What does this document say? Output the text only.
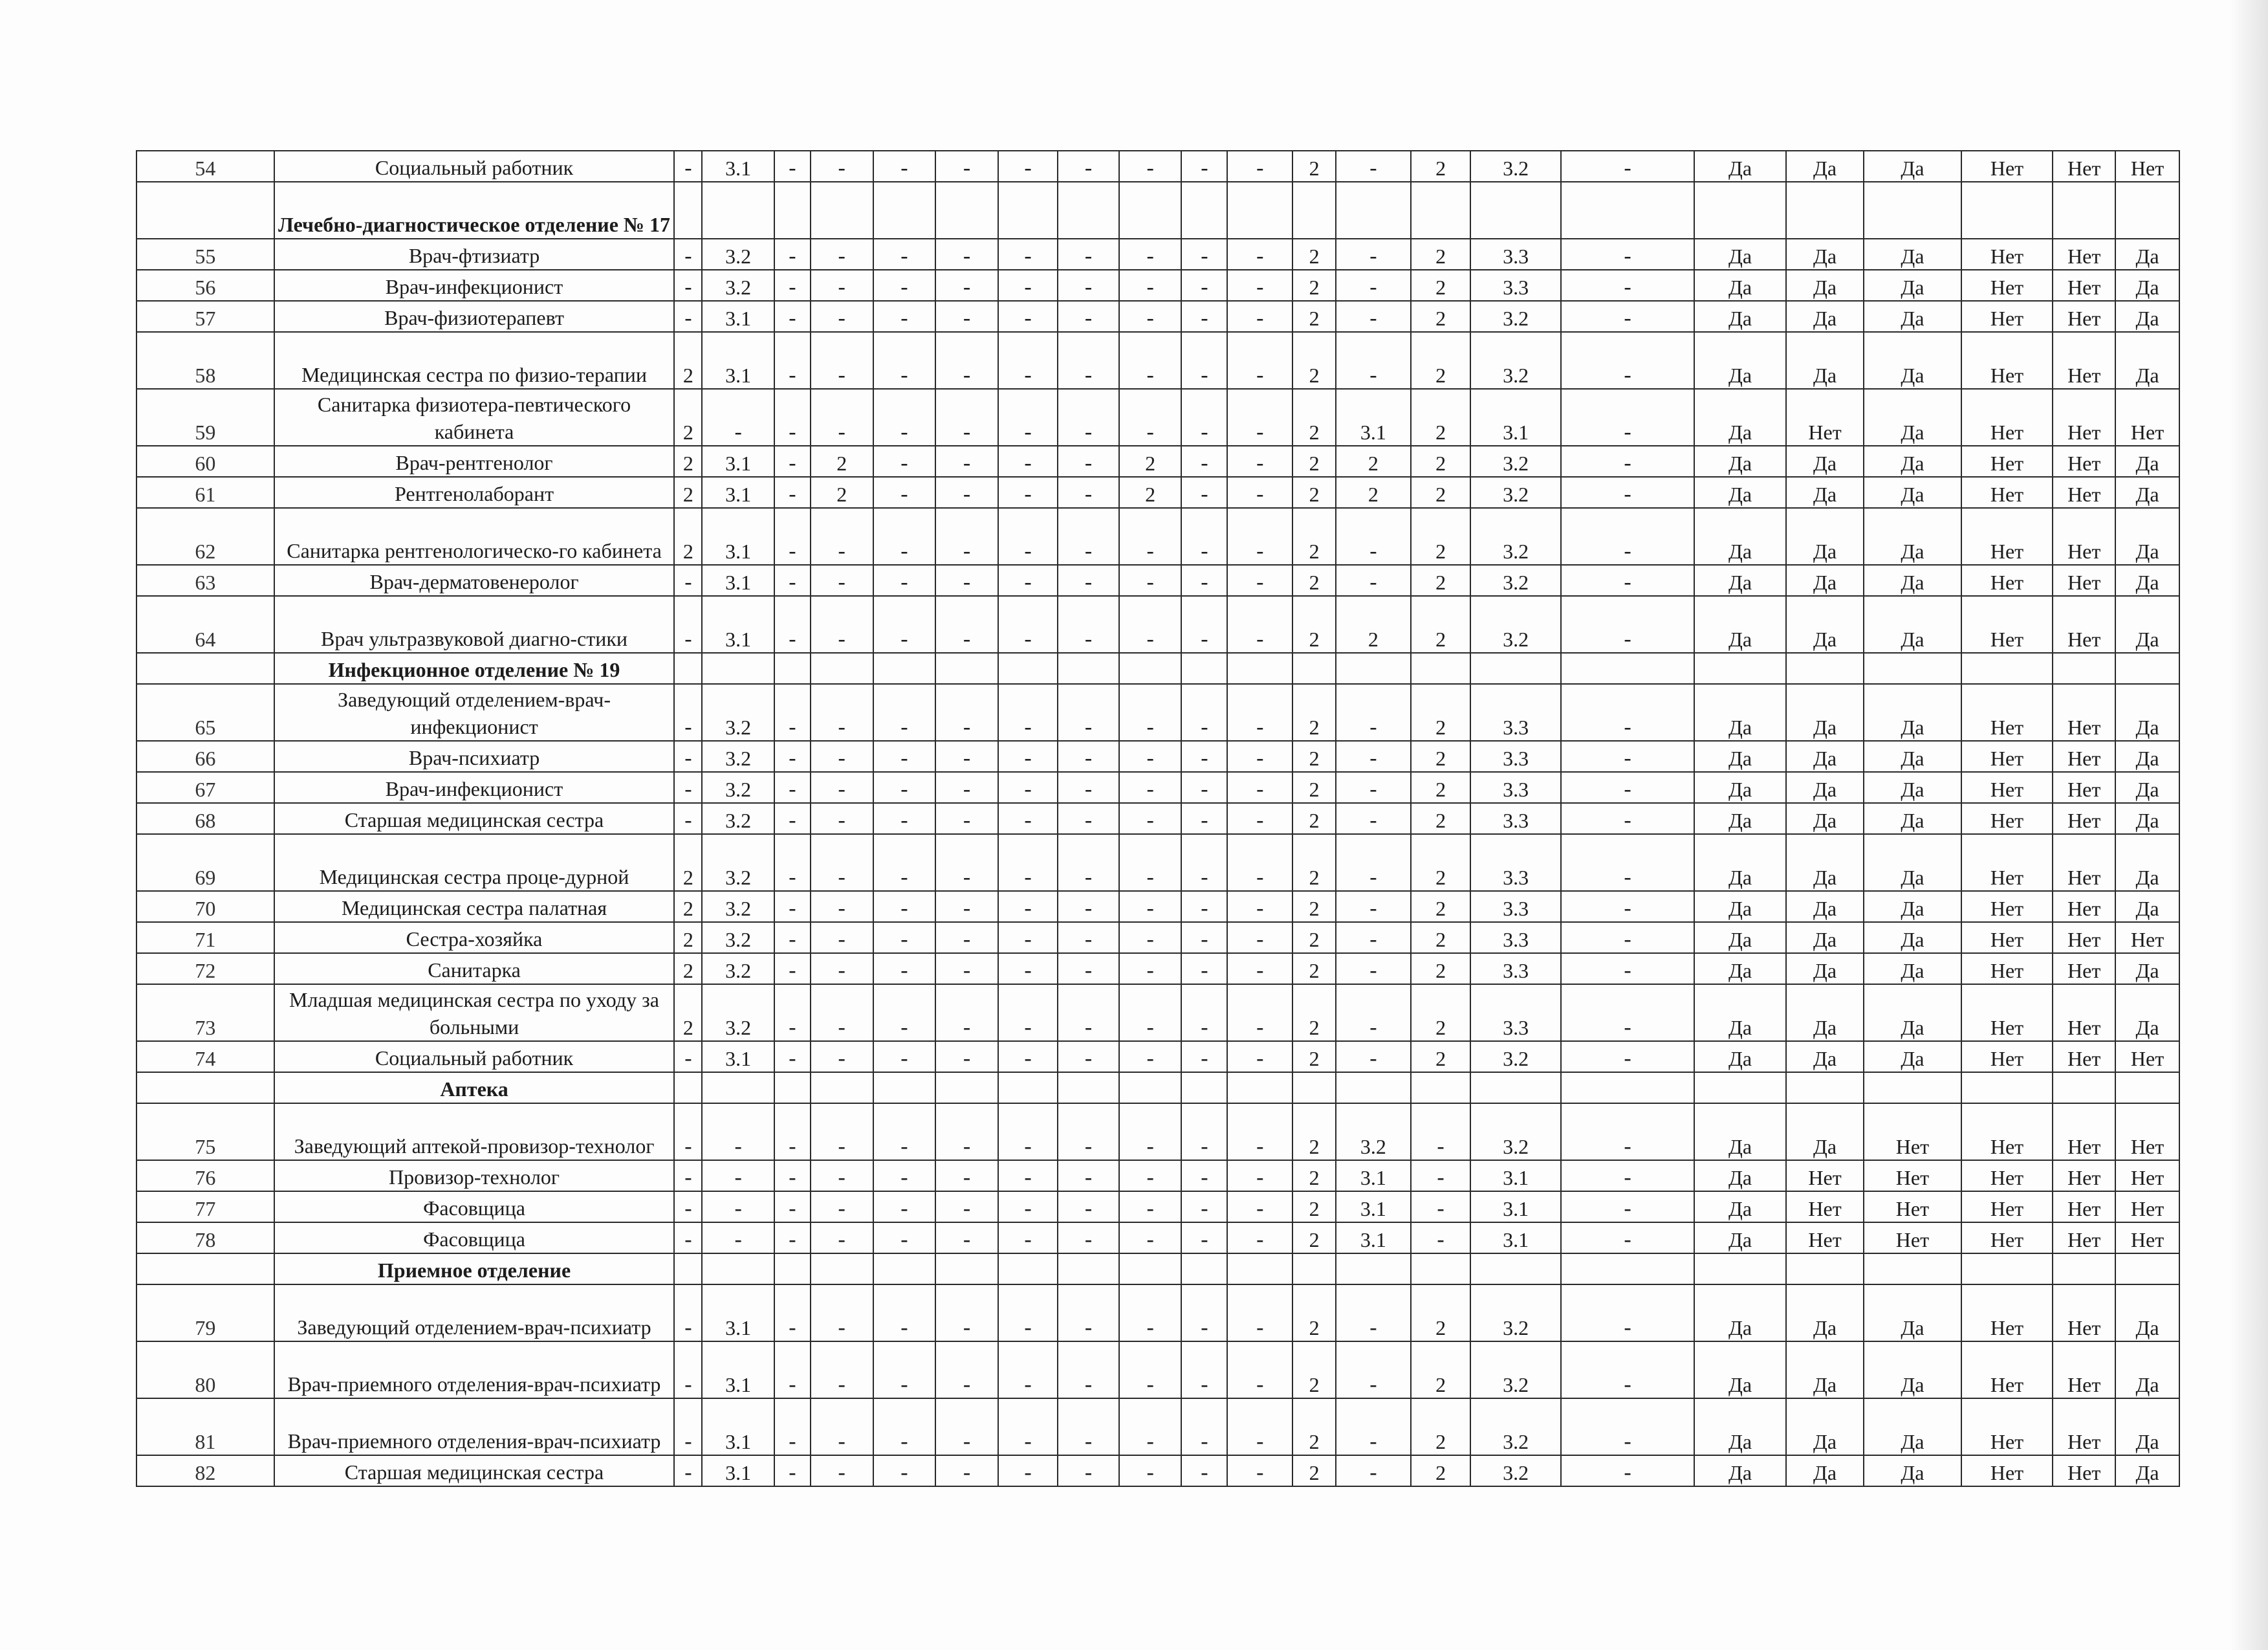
54	Социальный работник	-	3.1	-	-	-	-	-	-	-	-	-	2	-	2	3.2	-	Да	Да	Да	Нет	Нет	Нет
	Лечебно-диагностическое отделение № 17																						
55	Врач-фтизиатр	-	3.2	-	-	-	-	-	-	-	-	-	2	-	2	3.3	-	Да	Да	Да	Нет	Нет	Да
56	Врач-инфекционист	-	3.2	-	-	-	-	-	-	-	-	-	2	-	2	3.3	-	Да	Да	Да	Нет	Нет	Да
57	Врач-физиотерапевт	-	3.1	-	-	-	-	-	-	-	-	-	2	-	2	3.2	-	Да	Да	Да	Нет	Нет	Да
58	Медицинская сестра по физио-терапии	2	3.1	-	-	-	-	-	-	-	-	-	2	-	2	3.2	-	Да	Да	Да	Нет	Нет	Да
59	Санитарка физиотера-певтического кабинета	2	-	-	-	-	-	-	-	-	-	-	2	3.1	2	3.1	-	Да	Нет	Да	Нет	Нет	Нет
60	Врач-рентгенолог	2	3.1	-	2	-	-	-	-	2	-	-	2	2	2	3.2	-	Да	Да	Да	Нет	Нет	Да
61	Рентгенолаборант	2	3.1	-	2	-	-	-	-	2	-	-	2	2	2	3.2	-	Да	Да	Да	Нет	Нет	Да
62	Санитарка рентгенологическо-го кабинета	2	3.1	-	-	-	-	-	-	-	-	-	2	-	2	3.2	-	Да	Да	Да	Нет	Нет	Да
63	Врач-дерматовенеролог	-	3.1	-	-	-	-	-	-	-	-	-	2	-	2	3.2	-	Да	Да	Да	Нет	Нет	Да
64	Врач ультразвуковой диагно-стики	-	3.1	-	-	-	-	-	-	-	-	-	2	2	2	3.2	-	Да	Да	Да	Нет	Нет	Да
	Инфекционное отделение № 19																						
65	Заведующий отделением-врач-инфекционист	-	3.2	-	-	-	-	-	-	-	-	-	2	-	2	3.3	-	Да	Да	Да	Нет	Нет	Да
66	Врач-психиатр	-	3.2	-	-	-	-	-	-	-	-	-	2	-	2	3.3	-	Да	Да	Да	Нет	Нет	Да
67	Врач-инфекционист	-	3.2	-	-	-	-	-	-	-	-	-	2	-	2	3.3	-	Да	Да	Да	Нет	Нет	Да
68	Старшая медицинская сестра	-	3.2	-	-	-	-	-	-	-	-	-	2	-	2	3.3	-	Да	Да	Да	Нет	Нет	Да
69	Медицинская сестра проце-дурной	2	3.2	-	-	-	-	-	-	-	-	-	2	-	2	3.3	-	Да	Да	Да	Нет	Нет	Да
70	Медицинская сестра палатная	2	3.2	-	-	-	-	-	-	-	-	-	2	-	2	3.3	-	Да	Да	Да	Нет	Нет	Да
71	Сестра-хозяйка	2	3.2	-	-	-	-	-	-	-	-	-	2	-	2	3.3	-	Да	Да	Да	Нет	Нет	Нет
72	Санитарка	2	3.2	-	-	-	-	-	-	-	-	-	2	-	2	3.3	-	Да	Да	Да	Нет	Нет	Да
73	Младшая медицинская сестра по уходу за больными	2	3.2	-	-	-	-	-	-	-	-	-	2	-	2	3.3	-	Да	Да	Да	Нет	Нет	Да
74	Социальный работник	-	3.1	-	-	-	-	-	-	-	-	-	2	-	2	3.2	-	Да	Да	Да	Нет	Нет	Нет
	Аптека																						
75	Заведующий аптекой-провизор-технолог	-	-	-	-	-	-	-	-	-	-	-	2	3.2	-	3.2	-	Да	Да	Нет	Нет	Нет	Нет
76	Провизор-технолог	-	-	-	-	-	-	-	-	-	-	-	2	3.1	-	3.1	-	Да	Нет	Нет	Нет	Нет	Нет
77	Фасовщица	-	-	-	-	-	-	-	-	-	-	-	2	3.1	-	3.1	-	Да	Нет	Нет	Нет	Нет	Нет
78	Фасовщица	-	-	-	-	-	-	-	-	-	-	-	2	3.1	-	3.1	-	Да	Нет	Нет	Нет	Нет	Нет
	Приемное отделение																						
79	Заведующий отделением-врач-психиатр	-	3.1	-	-	-	-	-	-	-	-	-	2	-	2	3.2	-	Да	Да	Да	Нет	Нет	Да
80	Врач-приемного отделения-врач-психиатр	-	3.1	-	-	-	-	-	-	-	-	-	2	-	2	3.2	-	Да	Да	Да	Нет	Нет	Да
81	Врач-приемного отделения-врач-психиатр	-	3.1	-	-	-	-	-	-	-	-	-	2	-	2	3.2	-	Да	Да	Да	Нет	Нет	Да
82	Старшая медицинская сестра	-	3.1	-	-	-	-	-	-	-	-	-	2	-	2	3.2	-	Да	Да	Да	Нет	Нет	Да
